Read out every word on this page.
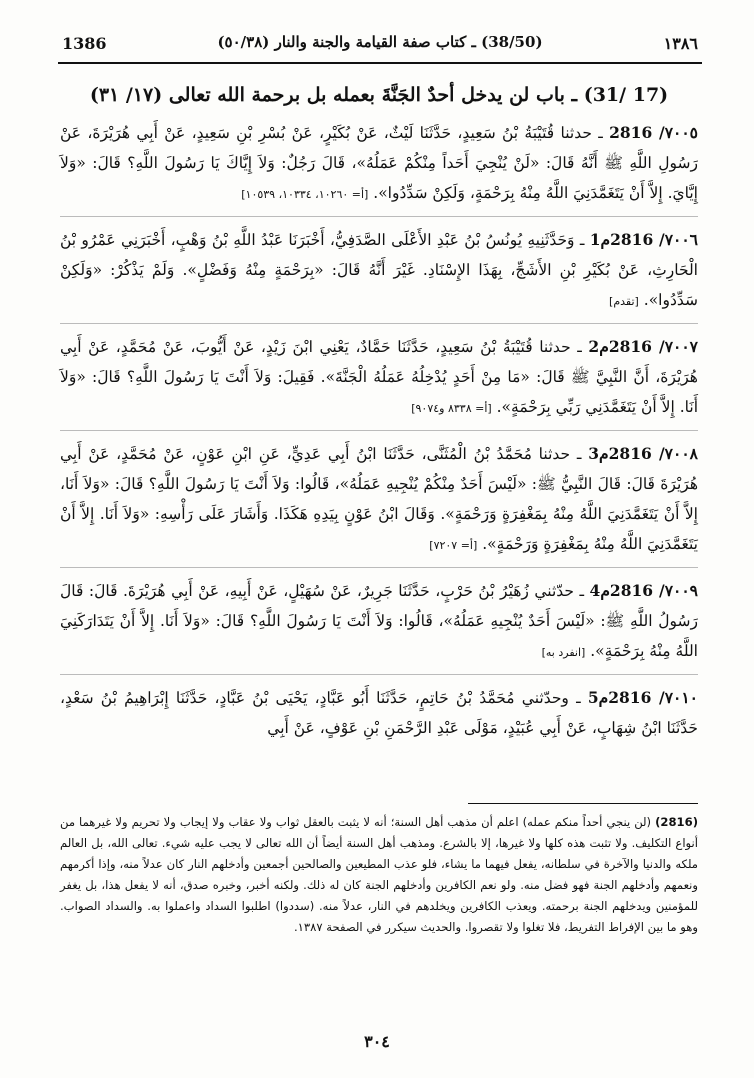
1386	(38/50) ـ كتاب صفة القيامة والجنة والنار (٥٠/٣٨)	١٣٨٦
(17 /31) ـ باب لن يدخل أحدٌ الجَنَّةَ بعمله بل برحمة الله تعالى (١٧/ ٣١)

٧٠٠٥/ 2816 ـ حدثنا قُتَيْبَةُ بْنُ سَعِيدٍ، حَدَّثَنَا لَيْثٌ، عَنْ بُكَيْرٍ، عَنْ بُسْرِ بْنِ سَعِيدٍ، عَنْ أَبِي هُرَيْرَةَ، عَنْ رَسُولِ اللَّهِ ﷺ أَنَّهُ قَالَ: «لَنْ يُنْجِيَ أَحَداً مِنْكُمْ عَمَلُهُ»، قَالَ رَجُلٌ: وَلاَ إِيَّاكَ يَا رَسُولَ اللَّهِ؟ قَالَ: «وَلاَ إِيَّايَ. إِلاَّ أَنْ يَتَغَمَّدَنِيَ اللَّهُ مِنْهُ بِرَحْمَةٍ، وَلَكِنْ سَدِّدُوا». [أ= ١٠٢٦٠، ١٠٣٣٤، ١٠٥٣٩]

٧٠٠٦/ 2816م1 ـ وَحَدَّثَنِيهِ يُونُسُ بْنُ عَبْدِ الأَعْلَى الصَّدَفِيُّ، أَخْبَرَنَا عَبْدُ اللَّهِ بْنُ وَهْبٍ، أَخْبَرَنِي عَمْرُو بْنُ الْحَارِثِ، عَنْ بُكَيْرِ بْنِ الأَشَجِّ، بِهَذَا الإِسْنَادِ. غَيْرَ أَنَّهُ قَالَ: «بِرَحْمَةٍ مِنْهُ وَفَضْلٍ». وَلَمْ يَذْكُرْ: «وَلَكِنْ سَدِّدُوا». [تقدم]

٧٠٠٧/ 2816م2 ـ حدثنا قُتَيْبَةُ بْنُ سَعِيدٍ، حَدَّثَنَا حَمَّادٌ، يَعْنِي ابْنَ زَيْدٍ، عَنْ أَيُّوبَ، عَنْ مُحَمَّدٍ، عَنْ أَبِي هُرَيْرَةَ، أَنَّ النَّبِيَّ ﷺ قَالَ: «مَا مِنْ أَحَدٍ يُدْخِلُهُ عَمَلُهُ الْجَنَّةَ». فَقِيلَ: وَلاَ أَنْتَ يَا رَسُولَ اللَّهِ؟ قَالَ: «وَلاَ أَنَا. إِلاَّ أَنْ يَتَغَمَّدَنِي رَبِّي بِرَحْمَةٍ». [أ= ٨٣٣٨ و٩٠٧٤]

٧٠٠٨/ 2816م3 ـ حدثنا مُحَمَّدُ بْنُ الْمُثَنَّى، حَدَّثَنَا ابْنُ أَبِي عَدِيٍّ، عَنِ ابْنِ عَوْنٍ، عَنْ مُحَمَّدٍ، عَنْ أَبِي هُرَيْرَةَ قَالَ: قَالَ النَّبِيُّ ﷺ: «لَيْسَ أَحَدٌ مِنْكُمْ يُنْجِيهِ عَمَلُهُ»، قَالُوا: وَلاَ أَنْتَ يَا رَسُولَ اللَّهِ؟ قَالَ: «وَلاَ أَنَا، إِلاَّ أَنْ يَتَغَمَّدَنِيَ اللَّهُ مِنْهُ بِمَغْفِرَةٍ وَرَحْمَةٍ». وَقَالَ ابْنُ عَوْنٍ بِيَدِهِ هَكَذَا. وَأَشَارَ عَلَى رَأْسِهِ: «وَلاَ أَنَا. إِلاَّ أَنْ يَتَغَمَّدَنِيَ اللَّهُ مِنْهُ بِمَغْفِرَةٍ وَرَحْمَةٍ». [أ= ٧٢٠٧]

٧٠٠٩/ 2816م4 ـ حدّثني زُهَيْرُ بْنُ حَرْبٍ، حَدَّثَنَا جَرِيرٌ، عَنْ سُهَيْلٍ، عَنْ أَبِيهِ، عَنْ أَبِي هُرَيْرَةَ. قَالَ: قَالَ رَسُولُ اللَّهِ ﷺ: «لَيْسَ أَحَدٌ يُنْجِيهِ عَمَلُهُ»، قَالُوا: وَلاَ أَنْتَ يَا رَسُولَ اللَّهِ؟ قَالَ: «وَلاَ أَنَا. إِلاَّ أَنْ يَتَدَارَكَنِيَ اللَّهُ مِنْهُ بِرَحْمَةٍ». [انفرد به]

٧٠١٠/ 2816م5 ـ وحدّثني مُحَمَّدُ بْنُ حَاتِمٍ، حَدَّثَنَا أَبُو عَبَّادٍ، يَحْيَى بْنُ عَبَّادٍ، حَدَّثَنَا إِبْرَاهِيمُ بْنُ سَعْدٍ، حَدَّثَنَا ابْنُ شِهَابٍ، عَنْ أَبِي عُبَيْدٍ، مَوْلَى عَبْدِ الرَّحْمَنِ بْنِ عَوْفٍ، عَنْ أَبِي

(2816) (لن ينجي أحداً منكم عمله) اعلم أن مذهب أهل السنة؛ أنه لا يثبت بالعقل ثواب ولا عقاب ولا إيجاب ولا تحريم ولا غيرهما من أنواع التكليف. ولا تثبت هذه كلها ولا غيرها، إلا بالشرع. ومذهب أهل السنة أيضاً أن الله تعالى لا يجب عليه شيء. تعالى الله، بل العالم ملكه والدنيا والآخرة في سلطانه، يفعل فيهما ما يشاء، فلو عذب المطيعين والصالحين أجمعين وأدخلهم النار كان عدلاً منه، وإذا أكرمهم ونعمهم وأدخلهم الجنة فهو فضل منه. ولو نعم الكافرين وأدخلهم الجنة كان له ذلك. ولكنه أخبر، وخبره صدق، أنه لا يفعل هذا، بل يغفر للمؤمنين ويدخلهم الجنة برحمته. ويعذب الكافرين ويخلدهم في النار، عدلاً منه. (سددوا) اطلبوا السداد واعملوا به. والسداد الصواب. وهو ما بين الإفراط التفريط، فلا تغلوا ولا تقصروا. والحديث سيكرر في الصفحة ١٣٨٧.
٣٠٤
